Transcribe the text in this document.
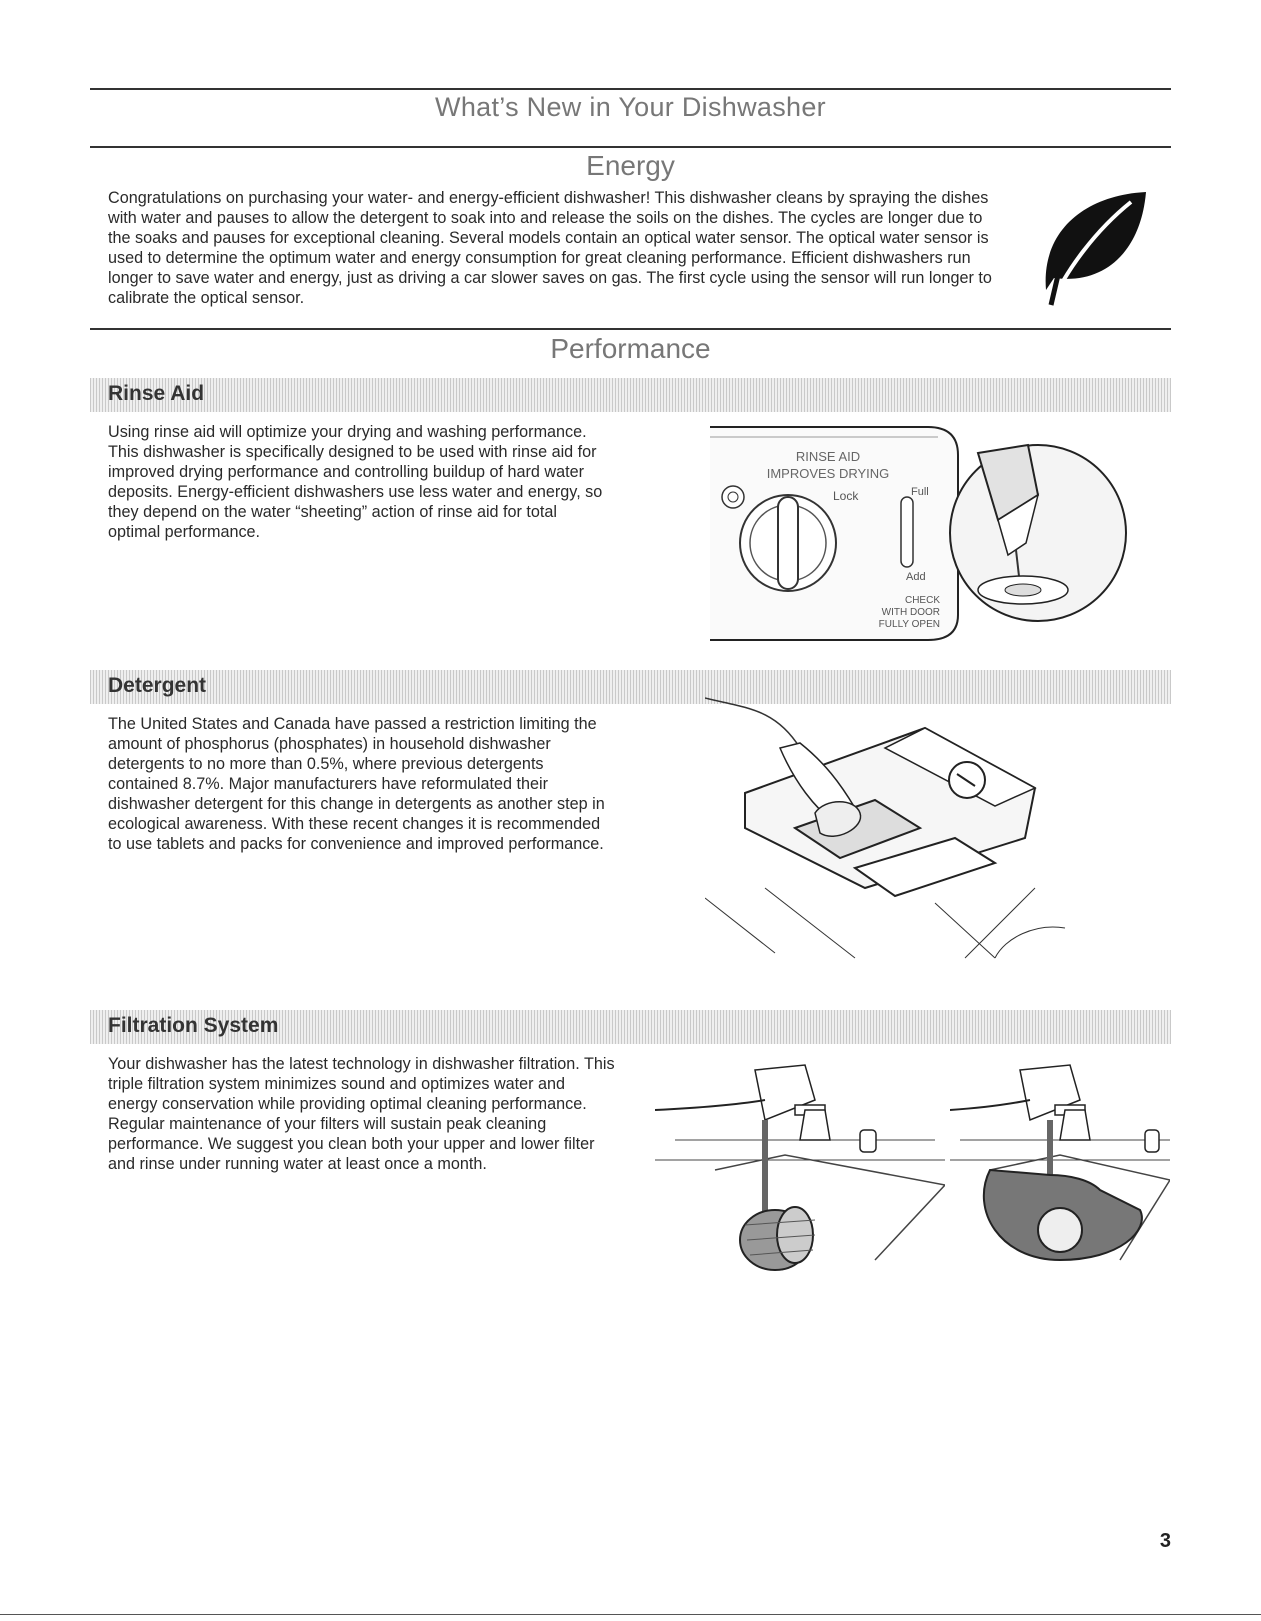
What’s New in Your Dishwasher
Energy

Congratulations on purchasing your water- and energy-efficient dishwasher! This dishwasher cleans by spraying the dishes with water and pauses to allow the detergent to soak into and release the soils on the dishes. The cycles are longer due to the soaks and pauses for exceptional cleaning. Several models contain an optical water sensor. The optical water sensor is used to determine the optimum water and energy consumption for great cleaning performance. Efficient dishwashers run longer to save water and energy, just as driving a car slower saves on gas. The first cycle using the sensor will run longer to calibrate the optical sensor.

Performance
Rinse Aid

Using rinse aid will optimize your drying and washing performance. This dishwasher is specifically designed to be used with rinse aid for improved drying performance and controlling buildup of hard water deposits. Energy-efficient dishwashers use less water and energy, so they depend on the water “sheeting” action of rinse aid for total optimal performance.

RINSE AID
IMPROVES DRYING
Lock	Full
Add
CHECK
WITH DOOR
FULLY OPEN
Detergent

The United States and Canada have passed a restriction limiting the amount of phosphorus (phosphates) in household dishwasher detergents to no more than 0.5%, where previous detergents contained 8.7%. Major manufacturers have reformulated their dishwasher detergent for this change in detergents as another step in ecological awareness. With these recent changes it is recommended to use tablets and packs for convenience and improved performance.

Filtration System

Your dishwasher has the latest technology in dishwasher filtration. This triple filtration system minimizes sound and optimizes water and energy conservation while providing optimal cleaning performance. Regular maintenance of your filters will sustain peak cleaning performance. We suggest you clean both your upper and lower filter and rinse under running water at least once a month.

3
